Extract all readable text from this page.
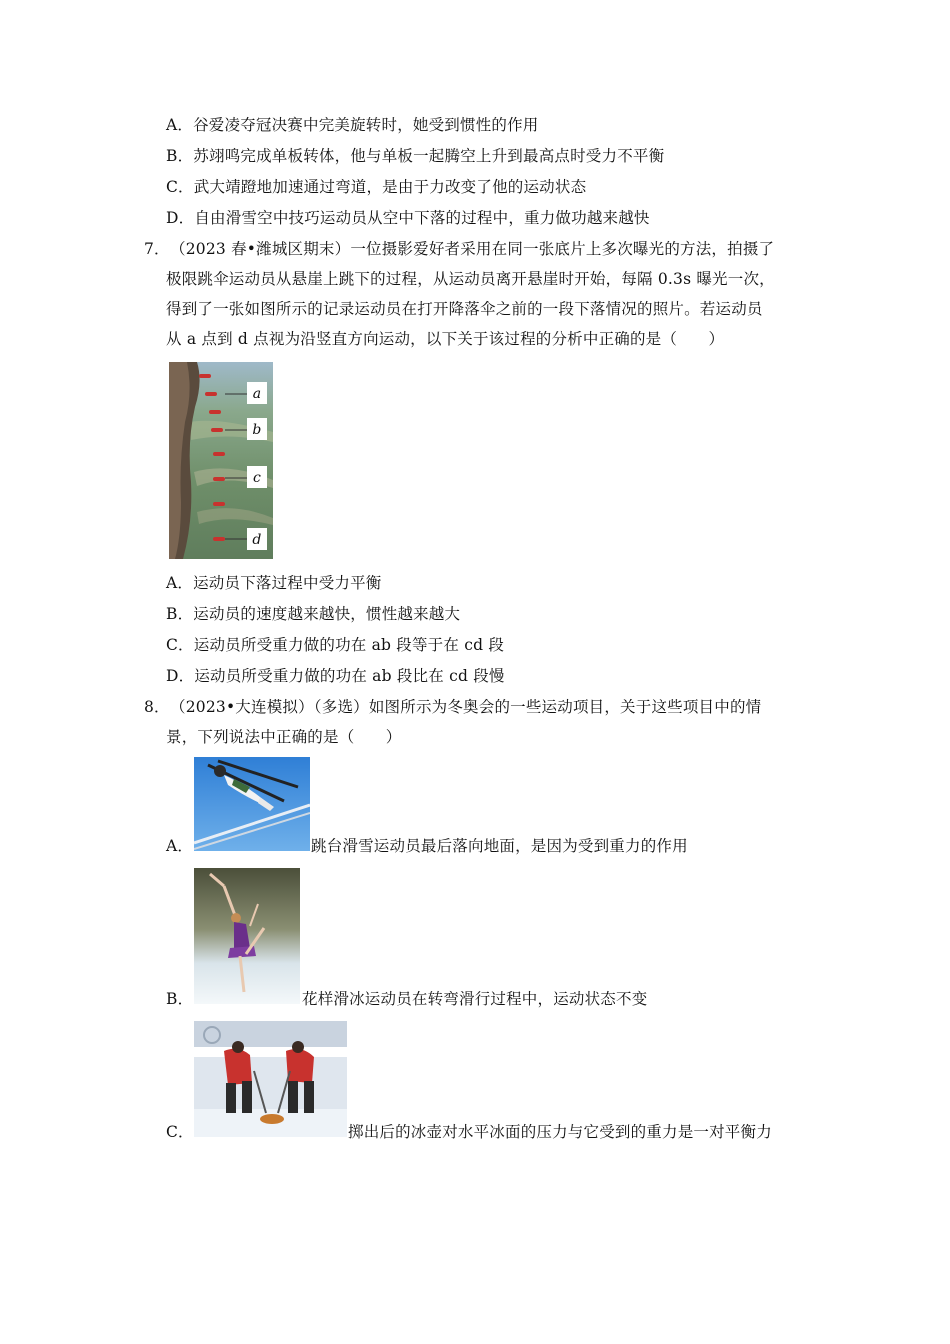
A．谷爱凌夺冠决赛中完美旋转时，她受到惯性的作用
B．苏翊鸣完成单板转体，他与单板一起腾空上升到最高点时受力不平衡
C．武大靖蹬地加速通过弯道，是由于力改变了他的运动状态
D．自由滑雪空中技巧运动员从空中下落的过程中，重力做功越来越快
7． （2023 春•潍城区期末）一位摄影爱好者采用在同一张底片上多次曝光的方法，拍摄了
极限跳伞运动员从悬崖上跳下的过程，从运动员离开悬崖时开始，每隔 0.3s 曝光一次，
得到了一张如图所示的记录运动员在打开降落伞之前的一段下落情况的照片。若运动员
从 a 点到 d 点视为沿竖直方向运动，以下关于该过程的分析中正确的是（　　）
a
b
c
d
A．运动员下落过程中受力平衡
B．运动员的速度越来越快，惯性越来越大
C．运动员所受重力做的功在 ab 段等于在 cd 段
D．运动员所受重力做的功在 ab 段比在 cd 段慢
8． （2023•大连模拟）（多选）如图所示为冬奥会的一些运动项目，关于这些项目中的情
景，下列说法中正确的是（　　）
A．	跳台滑雪运动员最后落向地面，是因为受到重力的作用
B．	花样滑冰运动员在转弯滑行过程中，运动状态不变
C．	掷出后的冰壶对水平冰面的压力与它受到的重力是一对平衡力
